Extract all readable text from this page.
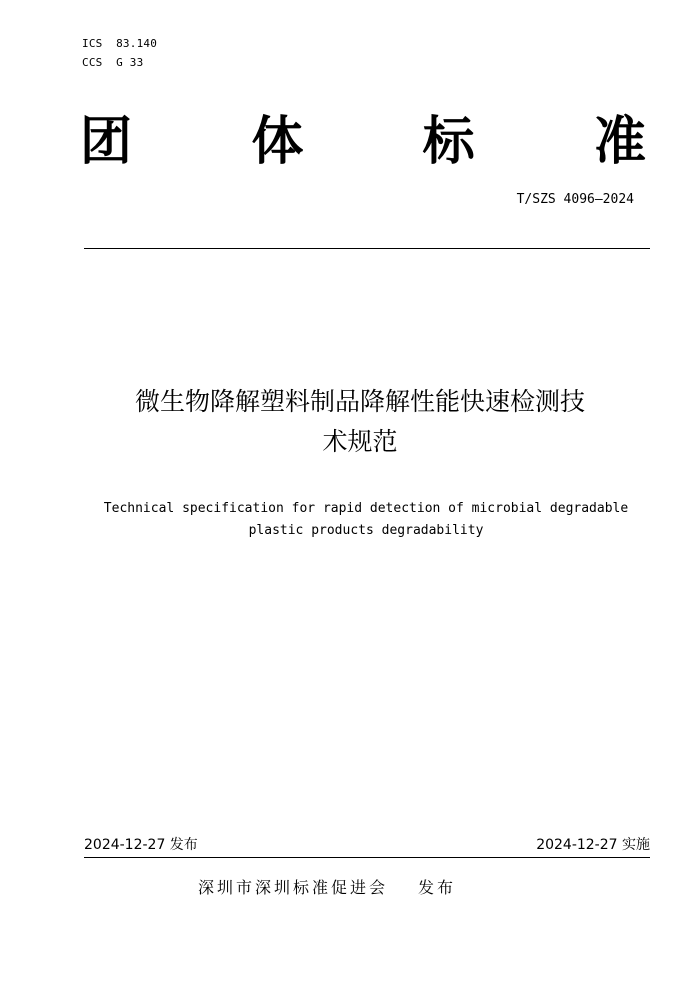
ICS  83.140
CCS  G 33
团 体 标 准
T/SZS 4096—2024
微生物降解塑料制品降解性能快速检测技
术规范
Technical specification for rapid detection of microbial degradable
plastic products degradability
2024-12-27 发布	2024-12-27 实施
深圳市深圳标准促进会 发布
